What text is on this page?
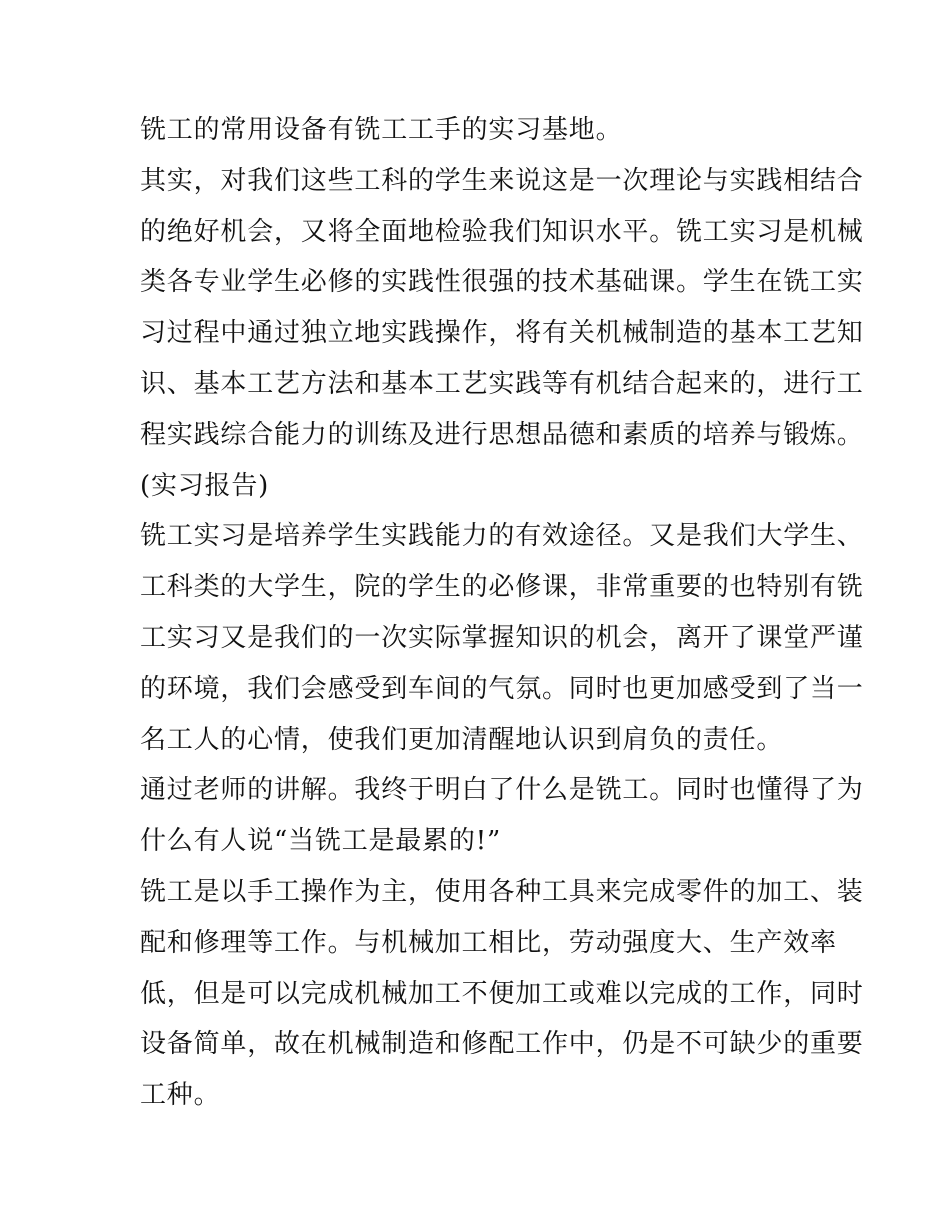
铣工的常用设备有铣工工手的实习基地。
其实，对我们这些工科的学生来说这是一次理论与实践相结合
的绝好机会，又将全面地检验我们知识水平。铣工实习是机械
类各专业学生必修的实践性很强的技术基础课。学生在铣工实
习过程中通过独立地实践操作，将有关机械制造的基本工艺知
识、基本工艺方法和基本工艺实践等有机结合起来的，进行工
程实践综合能力的训练及进行思想品德和素质的培养与锻炼。
(实习报告)
铣工实习是培养学生实践能力的有效途径。又是我们大学生、
工科类的大学生，院的学生的必修课，非常重要的也特别有铣
工实习又是我们的一次实际掌握知识的机会，离开了课堂严谨
的环境，我们会感受到车间的气氛。同时也更加感受到了当一
名工人的心情，使我们更加清醒地认识到肩负的责任。
通过老师的讲解。我终于明白了什么是铣工。同时也懂得了为
什么有人说“当铣工是最累的!”
铣工是以手工操作为主，使用各种工具来完成零件的加工、装
配和修理等工作。与机械加工相比，劳动强度大、生产效率
低，但是可以完成机械加工不便加工或难以完成的工作，同时
设备简单，故在机械制造和修配工作中，仍是不可缺少的重要
工种。
